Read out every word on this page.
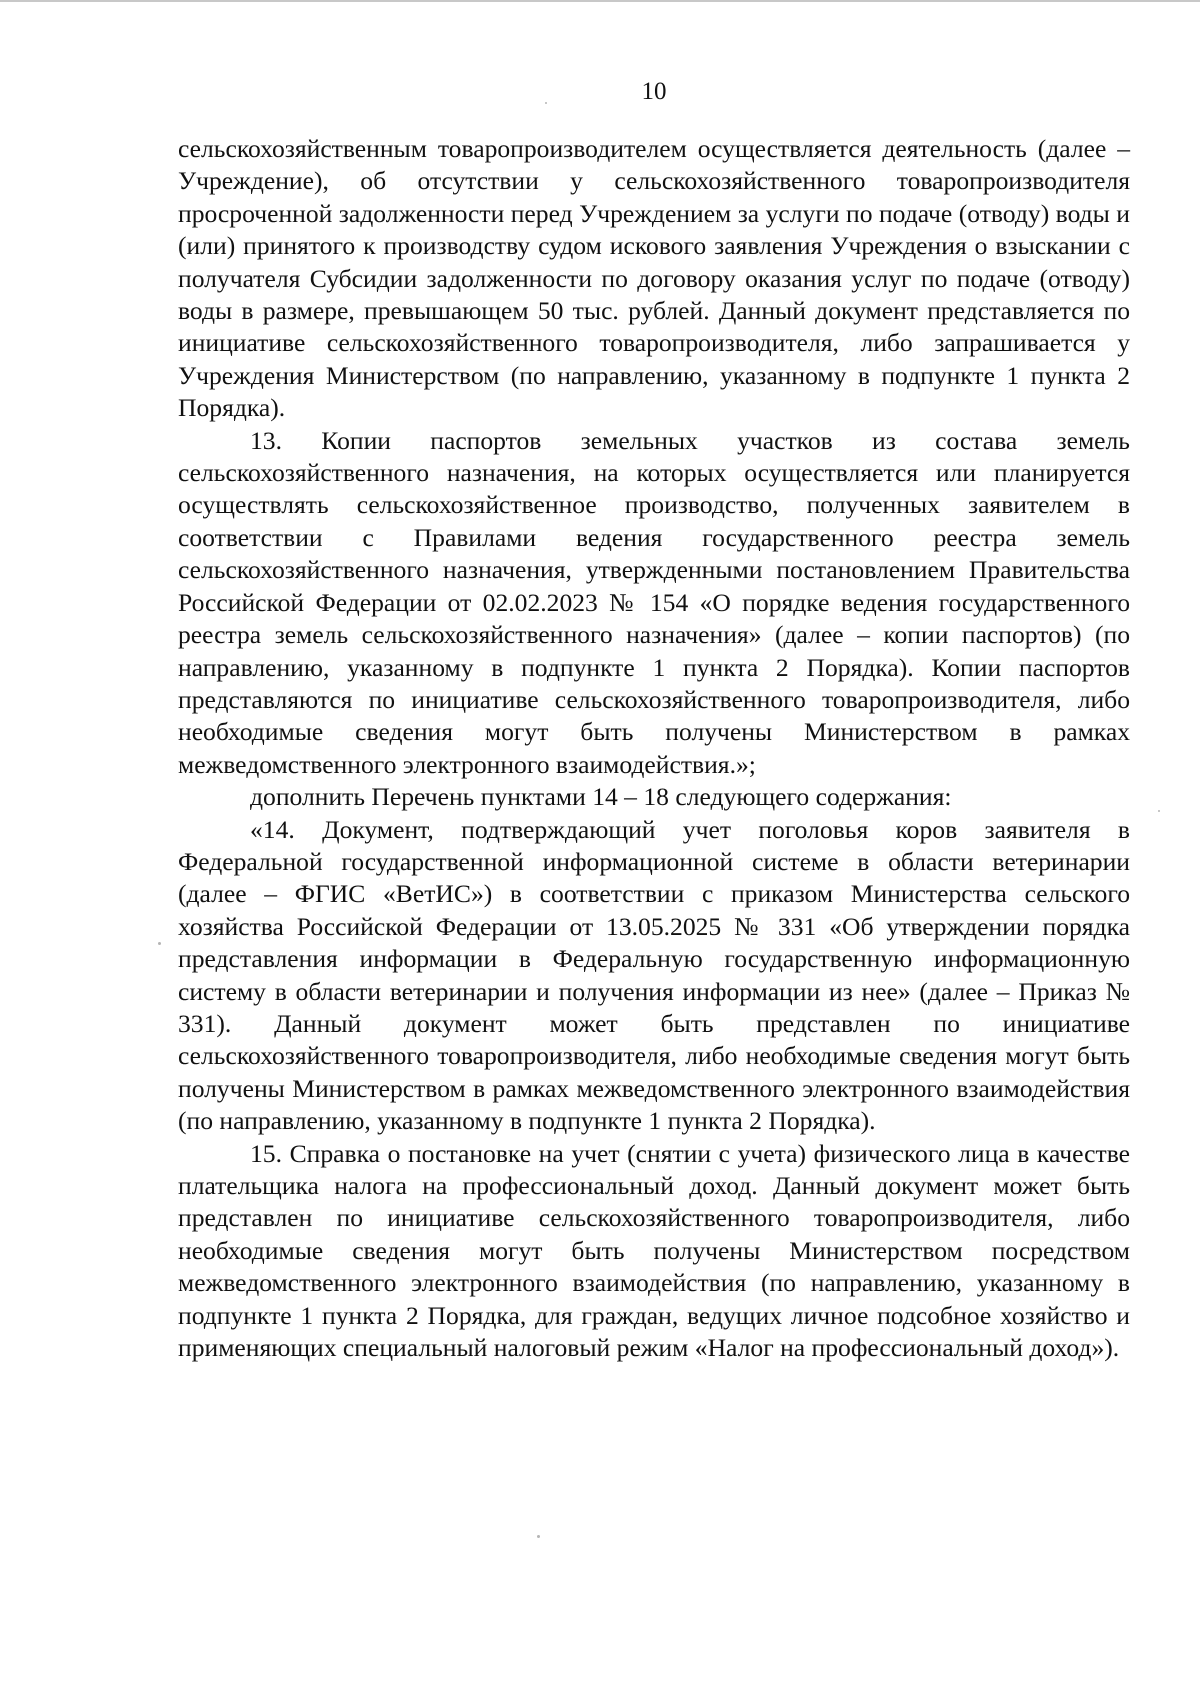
10

сельскохозяйственным товаропроизводителем осуществляется деятельность (далее – Учреждение), об отсутствии у сельскохозяйственного товаропроизводителя просроченной задолженности перед Учреждением за услуги по подаче (отводу) воды и (или) принятого к производству судом искового заявления Учреждения о взыскании с получателя Субсидии задолженности по договору оказания услуг по подаче (отводу) воды в размере, превышающем 50 тыс. рублей. Данный документ представляется по инициативе сельскохозяйственного товаропроизводителя, либо запрашивается у Учреждения Министерством (по направлению, указанному в подпункте 1 пункта 2 Порядка).

13. Копии паспортов земельных участков из состава земель сельскохозяйственного назначения, на которых осуществляется или планируется осуществлять сельскохозяйственное производство, полученных заявителем в соответствии с Правилами ведения государственного реестра земель сельскохозяйственного назначения, утвержденными постановлением Правительства Российской Федерации от 02.02.2023 № 154 «О порядке ведения государственного реестра земель сельскохозяйственного назначения» (далее – копии паспортов) (по направлению, указанному в подпункте 1 пункта 2 Порядка). Копии паспортов представляются по инициативе сельскохозяйственного товаропроизводителя, либо необходимые сведения могут быть получены Министерством в рамках межведомственного электронного взаимодействия.»;

дополнить Перечень пунктами 14 – 18 следующего содержания:

«14. Документ, подтверждающий учет поголовья коров заявителя в Федеральной государственной информационной системе в области ветеринарии (далее – ФГИС «ВетИС») в соответствии с приказом Министерства сельского хозяйства Российской Федерации от 13.05.2025 № 331 «Об утверждении порядка представления информации в Федеральную государственную информационную систему в области ветеринарии и получения информации из нее» (далее – Приказ № 331). Данный документ может быть представлен по инициативе сельскохозяйственного товаропроизводителя, либо необходимые сведения могут быть получены Министерством в рамках межведомственного электронного взаимодействия (по направлению, указанному в подпункте 1 пункта 2 Порядка).

15. Справка о постановке на учет (снятии с учета) физического лица в качестве плательщика налога на профессиональный доход. Данный документ может быть представлен по инициативе сельскохозяйственного товаропроизводителя, либо необходимые сведения могут быть получены Министерством посредством межведомственного электронного взаимодействия (по направлению, указанному в подпункте 1 пункта 2 Порядка, для граждан, ведущих личное подсобное хозяйство и применяющих специальный налоговый режим «Налог на профессиональный доход»).
